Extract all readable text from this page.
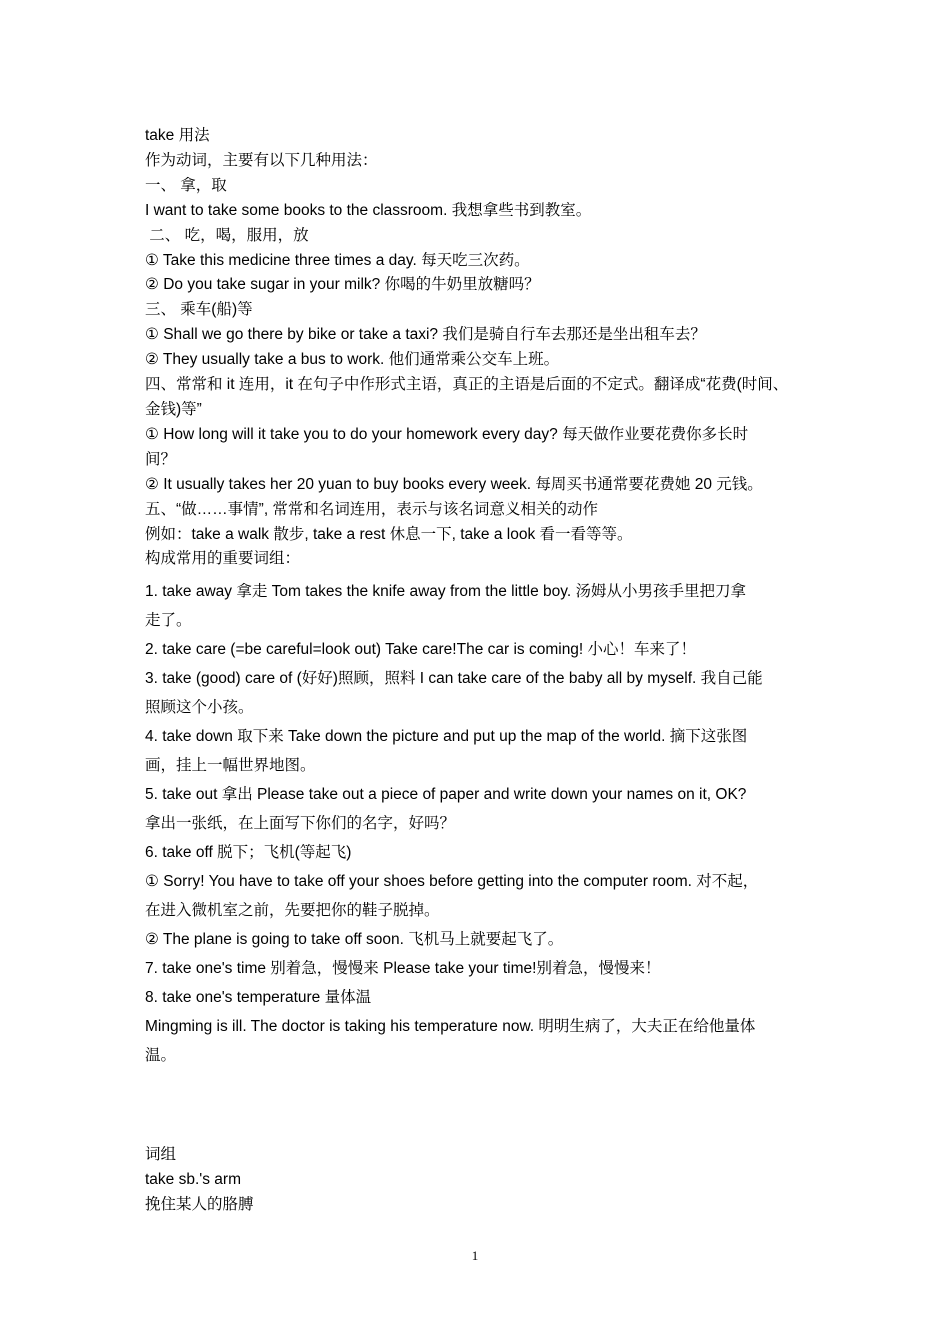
take 用法
作为动词，主要有以下几种用法：
一、 拿，取
I want to take some books to the classroom. 我想拿些书到教室。
二、 吃，喝，服用，放
① Take this medicine three times a day. 每天吃三次药。
② Do you take sugar in your milk? 你喝的牛奶里放糖吗？
三、 乘车(船)等
① Shall we go there by bike or take a taxi? 我们是骑自行车去那还是坐出租车去？
② They usually take a bus to work. 他们通常乘公交车上班。
四、常常和 it 连用，it 在句子中作形式主语，真正的主语是后面的不定式。翻译成“花费(时间、
金钱)等”
① How long will it take you to do your homework every day? 每天做作业要花费你多长时
间？
② It usually takes her 20 yuan to buy books every week. 每周买书通常要花费她 20 元钱。
五、“做……事情”, 常常和名词连用，表示与该名词意义相关的动作
例如：take a walk 散步, take a rest 休息一下, take a look 看一看等等。
构成常用的重要词组：
1. take away 拿走 Tom takes the knife away from the little boy. 汤姆从小男孩手里把刀拿
走了。
2. take care (=be careful=look out) Take care!The car is coming! 小心！车来了！
3. take (good) care of (好好)照顾，照料 I can take care of the baby all by myself. 我自己能
照顾这个小孩。
4. take down 取下来 Take down the picture and put up the map of the world. 摘下这张图
画，挂上一幅世界地图。
5. take out 拿出 Please take out a piece of paper and write down your names on it, OK?
拿出一张纸，在上面写下你们的名字，好吗？
6. take off 脱下；飞机(等起飞)
① Sorry! You have to take off your shoes before getting into the computer room. 对不起，
在进入微机室之前，先要把你的鞋子脱掉。
② The plane is going to take off soon. 飞机马上就要起飞了。
7. take one's time 别着急，慢慢来 Please take your time!别着急，慢慢来！
8. take one's temperature 量体温
Mingming is ill. The doctor is taking his temperature now. 明明生病了，大夫正在给他量体
温。
词组
take sb.'s arm
挽住某人的胳膊
1
